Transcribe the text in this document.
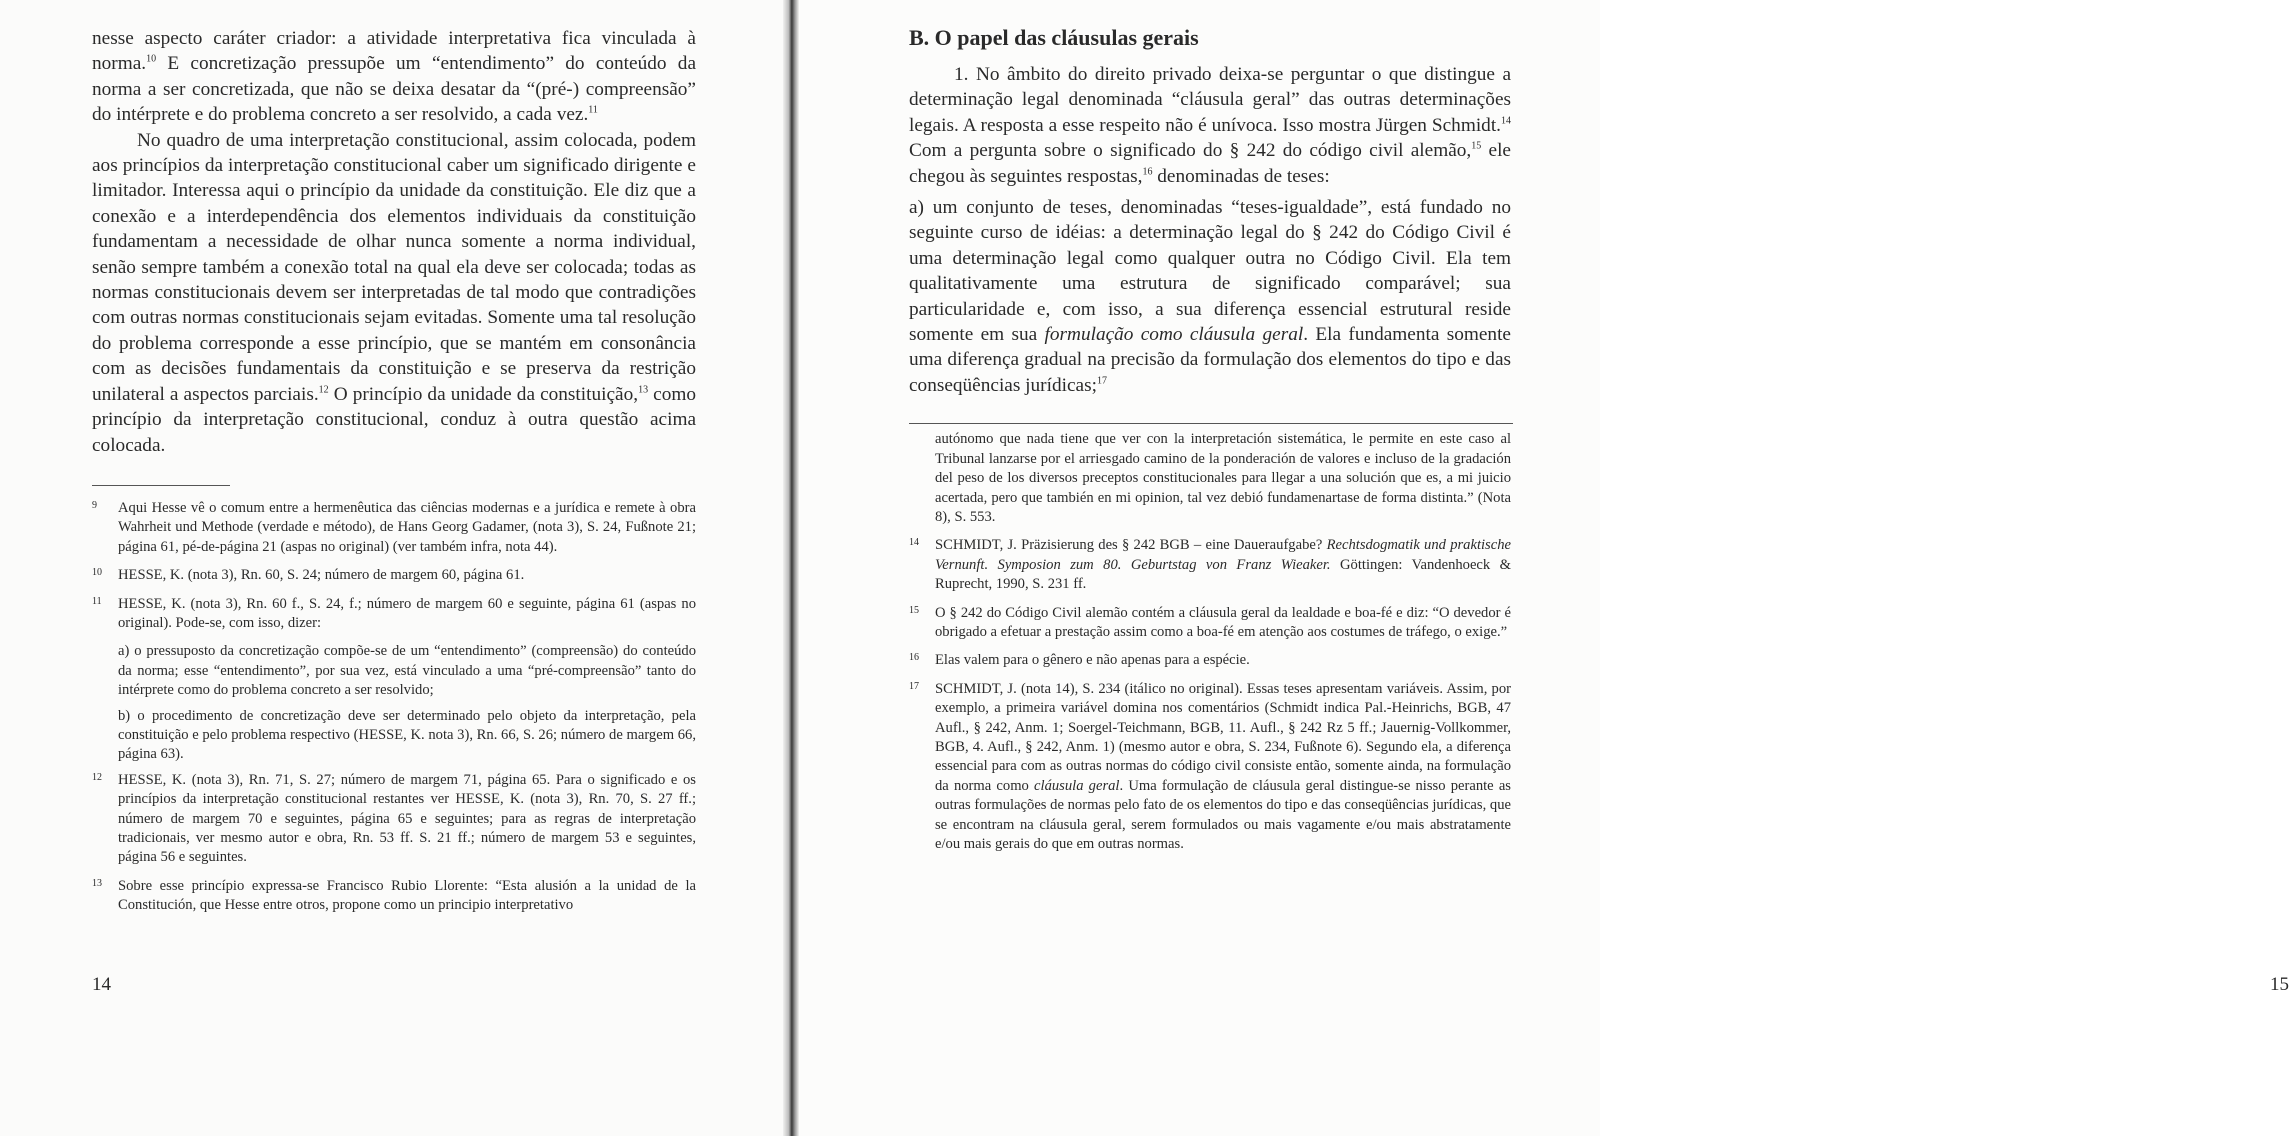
nesse aspecto caráter criador: a atividade interpretativa fica vinculada à norma.$^{10}$ E concretização pressupõe um “entendimento” do conteúdo da norma a ser concretizada, que não se deixa desatar da “(pré-) compreensão” do intérprete e do problema concreto a ser resolvido, a cada vez.$^{11}$

No quadro de uma interpretação constitucional, assim colocada, podem aos princípios da interpretação constitucional caber um significado dirigente e limitador. Interessa aqui o princípio da unidade da constituição. Ele diz que a conexão e a interdependência dos elementos individuais da constituição fundamentam a necessidade de olhar nunca somente a norma individual, senão sempre também a conexão total na qual ela deve ser colocada; todas as normas constitucionais devem ser interpretadas de tal modo que contradições com outras normas constitucionais sejam evitadas. Somente uma tal resolução do problema corresponde a esse princípio, que se mantém em consonância com as decisões fundamentais da constituição e se preserva da restrição unilateral a aspectos parciais.$^{12}$ O princípio da unidade da constituição,$^{13}$ como princípio da interpretação constitucional, conduz à outra questão acima colocada.

9 Aqui Hesse vê o comum entre a hermenêutica das ciências modernas e a jurídica e remete à obra Wahrheit und Methode (verdade e método), de Hans Georg Gadamer, (nota 3), S. 24, Fußnote 21; página 61, pé-de-página 21 (aspas no original) (ver também infra, nota 44).

10 HESSE, K. (nota 3), Rn. 60, S. 24; número de margem 60, página 61.

11 HESSE, K. (nota 3), Rn. 60 f., S. 24, f.; número de margem 60 e seguinte, página 61 (aspas no original). Pode-se, com isso, dizer:

a) o pressuposto da concretização compõe-se de um “entendimento” (compreensão) do conteúdo da norma; esse “entendimento”, por sua vez, está vinculado a uma “pré-compreensão” tanto do intérprete como do problema concreto a ser resolvido;

b) o procedimento de concretização deve ser determinado pelo objeto da interpretação, pela constituição e pelo problema respectivo (HESSE, K. nota 3), Rn. 66, S. 26; número de margem 66, página 63).

12 HESSE, K. (nota 3), Rn. 71, S. 27; número de margem 71, página 65. Para o significado e os princípios da interpretação constitucional restantes ver HESSE, K. (nota 3), Rn. 70, S. 27 ff.; número de margem 70 e seguintes, página 65 e seguintes; para as regras de interpretação tradicionais, ver mesmo autor e obra, Rn. 53 ff. S. 21 ff.; número de margem 53 e seguintes, página 56 e seguintes.

13 Sobre esse princípio expressa-se Francisco Rubio Llorente: “Esta alusión a la unidad de la Constitución, que Hesse entre otros, propone como un principio interpretativo

14
B. O papel das cláusulas gerais

1. No âmbito do direito privado deixa-se perguntar o que distingue a determinação legal denominada “cláusula geral” das outras determinações legais. A resposta a esse respeito não é unívoca. Isso mostra Jürgen Schmidt.$^{14}$ Com a pergunta sobre o significado do § 242 do código civil alemão,$^{15}$ ele chegou às seguintes respostas,$^{16}$ denominadas de teses:

a) um conjunto de teses, denominadas “teses-igualdade”, está fundado no seguinte curso de idéias: a determinação legal do § 242 do Código Civil é uma determinação legal como qualquer outra no Código Civil. Ela tem qualitativamente uma estrutura de significado comparável; sua particularidade e, com isso, a sua diferença essencial estrutural reside somente em sua formulação como cláusula geral. Ela fundamenta somente uma diferença gradual na precisão da formulação dos elementos do tipo e das conseqüências jurídicas;$^{17}$

autónomo que nada tiene que ver con la interpretación sistemática, le permite en este caso al Tribunal lanzarse por el arriesgado camino de la ponderación de valores e incluso de la gradación del peso de los diversos preceptos constitucionales para llegar a una solución que es, a mi juicio acertada, pero que también en mi opinion, tal vez debió fundamenartase de forma distinta.” (Nota 8), S. 553.

14 SCHMIDT, J. Präzisierung des § 242 BGB – eine Daueraufgabe? Rechtsdogmatik und praktische Vernunft. Symposion zum 80. Geburtstag von Franz Wieaker. Göttingen: Vandenhoeck & Ruprecht, 1990, S. 231 ff.

15 O § 242 do Código Civil alemão contém a cláusula geral da lealdade e boa-fé e diz: “O devedor é obrigado a efetuar a prestação assim como a boa-fé em atenção aos costumes de tráfego, o exige.”

16 Elas valem para o gênero e não apenas para a espécie.

17 SCHMIDT, J. (nota 14), S. 234 (itálico no original). Essas teses apresentam variáveis. Assim, por exemplo, a primeira variável domina nos comentários (Schmidt indica Pal.-Heinrichs, BGB, 47 Aufl., § 242, Anm. 1; Soergel-Teichmann, BGB, 11. Aufl., § 242 Rz 5 ff.; Jauernig-Vollkommer, BGB, 4. Aufl., § 242, Anm. 1) (mesmo autor e obra, S. 234, Fußnote 6). Segundo ela, a diferença essencial para com as outras normas do código civil consiste então, somente ainda, na formulação da norma como cláusula geral. Uma formulação de cláusula geral distingue-se nisso perante as outras formulações de normas pelo fato de os elementos do tipo e das conseqüências jurídicas, que se encontram na cláusula geral, serem formulados ou mais vagamente e/ou mais abstratamente e/ou mais gerais do que em outras normas.

15
